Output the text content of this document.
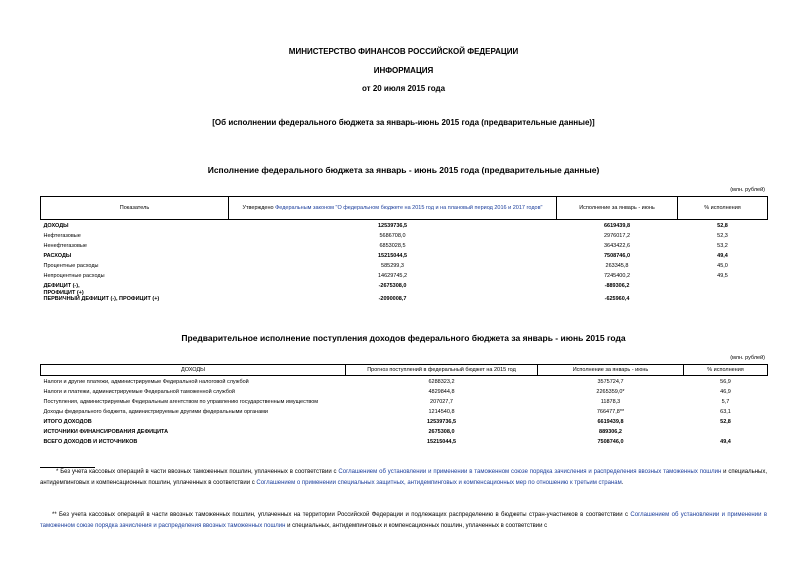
МИНИСТЕРСТВО ФИНАНСОВ РОССИЙСКОЙ ФЕДЕРАЦИИ
ИНФОРМАЦИЯ
от 20 июля 2015 года
[Об исполнении федерального бюджета за январь-июнь 2015 года (предварительные данные)]
Исполнение федерального бюджета за январь - июнь 2015 года (предварительные данные)
(млн. рублей)
Показатель	Утверждено Федеральным законом "О федеральном бюджете на 2015 год и на плановый период 2016 и 2017 годов"	Исполнение за январь - июнь	% исполнения

ДОХОДЫ	12539736,5	6619439,8	52,8
Нефтегазовые	5686708,0	2976017,2	52,3
Ненефтегазовые	6853028,5	3643422,6	53,2
РАСХОДЫ	15215044,5	7508746,0	49,4
Процентные расходы	585299,3	263345,8	45,0
Непроцентные расходы	14629745,2	7245400,2	49,5
ДЕФИЦИТ (-),
ПРОФИЦИТ (+)	-2675308,0	-889306,2	
ПЕРВИЧНЫЙ ДЕФИЦИТ (-), ПРОФИЦИТ (+)	-2090008,7	-625960,4	
Предварительное исполнение поступления доходов федерального бюджета за январь - июнь 2015 года
(млн. рублей)
ДОХОДЫ	Прогноз поступлений в федеральный бюджет на 2015 год	Исполнение за январь - июнь	% исполнения

Налоги и другие платежи, администрируемые Федеральной налоговой службой	6288323,2	3575724,7	56,9
Налоги и платежи, администрируемые Федеральной таможенной службой	4829844,8	2265359,0*	46,9
Поступления, администрируемые Федеральным агентством по управлению государственным имуществом	207027,7	11878,3	5,7
Доходы федерального бюджета, администрируемые другими федеральными органами	1214540,8	766477,8**	63,1
ИТОГО ДОХОДОВ	12539736,5	6619439,8	52,8
ИСТОЧНИКИ ФИНАНСИРОВАНИЯ ДЕФИЦИТА	2675308,0	889306,2	
ВСЕГО ДОХОДОВ И ИСТОЧНИКОВ	15215044,5	7508746,0	49,4
* Без учета кассовых операций в части ввозных таможенных пошлин, уплаченных в соответствии с Соглашением об установлении и применении в таможенном союзе порядка зачисления и распределения ввозных таможенных пошлин и специальных, антидемпинговых и компенсационных пошлин, уплаченных в соответствии с Соглашением о применении специальных защитных, антидемпинговых и компенсационных мер по отношению к третьим странам.
** Без учета кассовых операций в части ввозных таможенных пошлин, уплаченных на территории Российской Федерации и подлежащих распределению в бюджеты стран-участников в соответствии с Соглашением об установлении и применении в таможенном союзе порядка зачисления и распределения ввозных таможенных пошлин и специальных, антидемпинговых и компенсационных пошлин, уплаченных в соответствии с
